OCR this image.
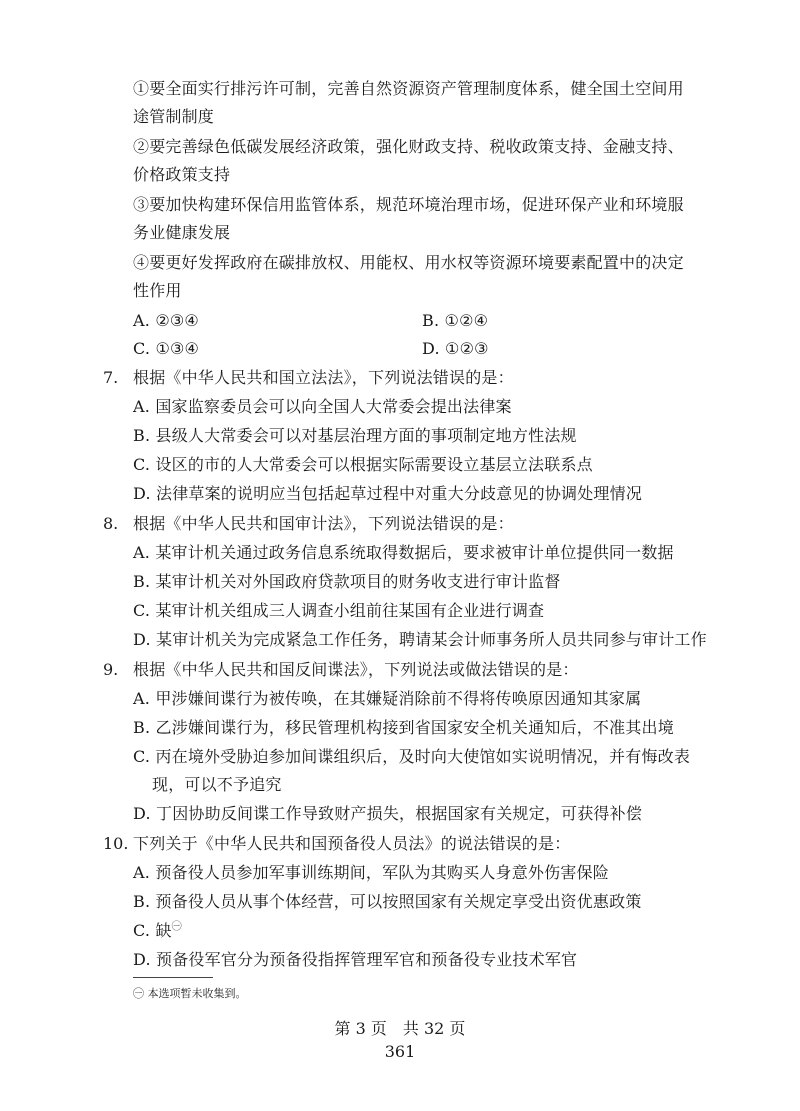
①要全面实行排污许可制，完善自然资源资产管理制度体系，健全国土空间用
途管制制度
②要完善绿色低碳发展经济政策，强化财政支持、税收政策支持、金融支持、
价格政策支持
③要加快构建环保信用监管体系，规范环境治理市场，促进环保产业和环境服
务业健康发展
④要更好发挥政府在碳排放权、用能权、用水权等资源环境要素配置中的决定
性作用
A. ②③④	B. ①②④
C. ①③④	D. ①②③
7. 根据《中华人民共和国立法法》，下列说法错误的是：
A. 国家监察委员会可以向全国人大常委会提出法律案
B. 县级人大常委会可以对基层治理方面的事项制定地方性法规
C. 设区的市的人大常委会可以根据实际需要设立基层立法联系点
D. 法律草案的说明应当包括起草过程中对重大分歧意见的协调处理情况
8. 根据《中华人民共和国审计法》，下列说法错误的是：
A. 某审计机关通过政务信息系统取得数据后，要求被审计单位提供同一数据
B. 某审计机关对外国政府贷款项目的财务收支进行审计监督
C. 某审计机关组成三人调查小组前往某国有企业进行调查
D. 某审计机关为完成紧急工作任务，聘请某会计师事务所人员共同参与审计工作
9. 根据《中华人民共和国反间谍法》，下列说法或做法错误的是：
A. 甲涉嫌间谍行为被传唤，在其嫌疑消除前不得将传唤原因通知其家属
B. 乙涉嫌间谍行为，移民管理机构接到省国家安全机关通知后，不准其出境
C. 丙在境外受胁迫参加间谍组织后，及时向大使馆如实说明情况，并有悔改表
现，可以不予追究
D. 丁因协助反间谍工作导致财产损失，根据国家有关规定，可获得补偿
10. 下列关于《中华人民共和国预备役人员法》的说法错误的是：
A. 预备役人员参加军事训练期间，军队为其购买人身意外伤害保险
B. 预备役人员从事个体经营，可以按照国家有关规定享受出资优惠政策
C. 缺$^㊀$
D. 预备役军官分为预备役指挥管理军官和预备役专业技术军官
㊀ 本选项暂未收集到。
第 3 页　共 32 页
361
